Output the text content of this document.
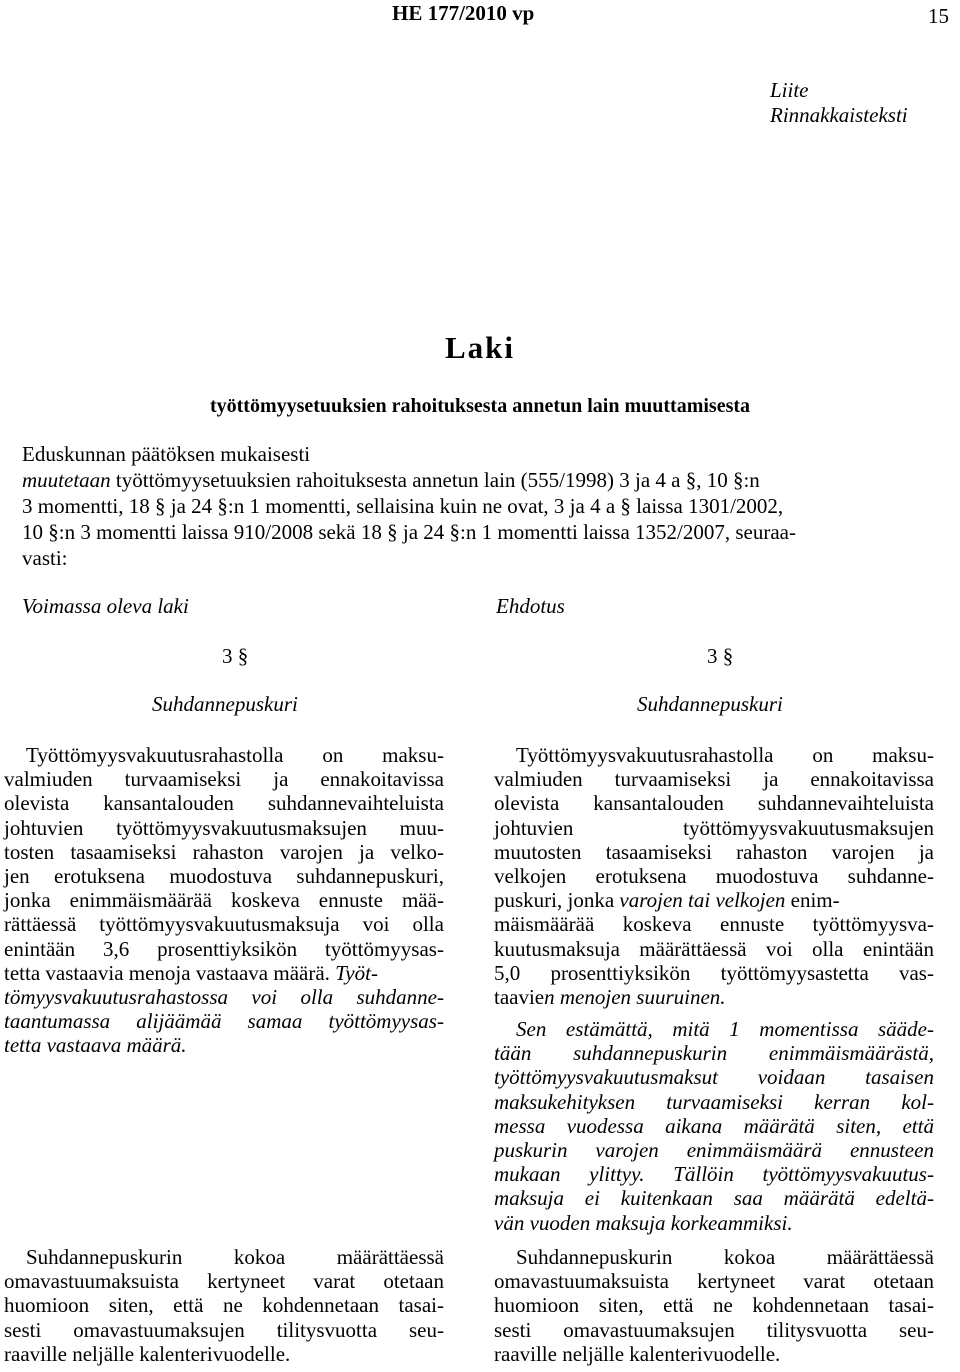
HE 177/2010 vp	15
Liite
Rinnakkaisteksti
Laki
työttömyysetuuksien rahoituksesta annetun lain muuttamisesta
Eduskunnan päätöksen mukaisesti
muutetaan työttömyysetuuksien rahoituksesta annetun lain (555/1998) 3 ja 4 a §, 10 §:n
3 momentti, 18 § ja 24 §:n 1 momentti, sellaisina kuin ne ovat, 3 ja 4 a § laissa 1301/2002,
10 §:n 3 momentti laissa 910/2008 sekä 18 § ja 24 §:n 1 momentti laissa 1352/2007, seuraa-
vasti:
Voimassa oleva laki
3 §
Suhdannepuskuri
Työttömyysvakuutusrahastolla on maksu-
valmiuden turvaamiseksi ja ennakoitavissa
olevista kansantalouden suhdannevaihteluista
johtuvien työttömyysvakuutusmaksujen muu-
tosten tasaamiseksi rahaston varojen ja velko-
jen erotuksena muodostuva suhdannepuskuri,
jonka enimmäismäärää koskeva ennuste mää-
rättäessä työttömyysvakuutusmaksuja voi olla
enintään 3,6 prosenttiyksikön työttömyysas-
tetta vastaavia menoja vastaava määrä. Työt-
tömyysvakuutusrahastossa voi olla suhdanne-
taantumassa alijäämää samaa työttömyysas-
tetta vastaava määrä.
Suhdannepuskurin kokoa määrättäessä
omavastuumaksuista kertyneet varat otetaan
huomioon siten, että ne kohdennetaan tasai-
sesti omavastuumaksujen tilitysvuotta seu-
raaville neljälle kalenterivuodelle.
Ehdotus
3 §
Suhdannepuskuri
Työttömyysvakuutusrahastolla on maksu-
valmiuden turvaamiseksi ja ennakoitavissa
olevista kansantalouden suhdannevaihteluista
johtuvien	työttömyysvakuutusmaksujen
muutosten tasaamiseksi rahaston varojen ja
velkojen erotuksena muodostuva suhdanne-
puskuri, jonka varojen tai velkojen enim-
mäismäärää koskeva ennuste työttömyysva-
kuutusmaksuja määrättäessä voi olla enintään
5,0 prosenttiyksikön työttömyysastetta vas-
taavie n menojen suuruinen.
Sen estämättä, mitä 1 momentissa sääde-
tään suhdannepuskurin enimmäismäärästä,
työttömyysvakuutusmaksut voidaan tasaisen
maksukehityksen turvaamiseksi kerran kol-
messa vuodessa aikana määrätä siten, että
puskurin varojen enimmäismäärä ennusteen
mukaan ylittyy. Tällöin työttömyysvakuutus-
maksuja ei kuitenkaan saa määrätä edeltä-
vän vuoden maksuja korkeammiksi.
Suhdannepuskurin kokoa määrättäessä
omavastuumaksuista kertyneet varat otetaan
huomioon siten, että ne kohdennetaan tasai-
sesti omavastuumaksujen tilitysvuotta seu-
raaville neljälle kalenterivuodelle.
